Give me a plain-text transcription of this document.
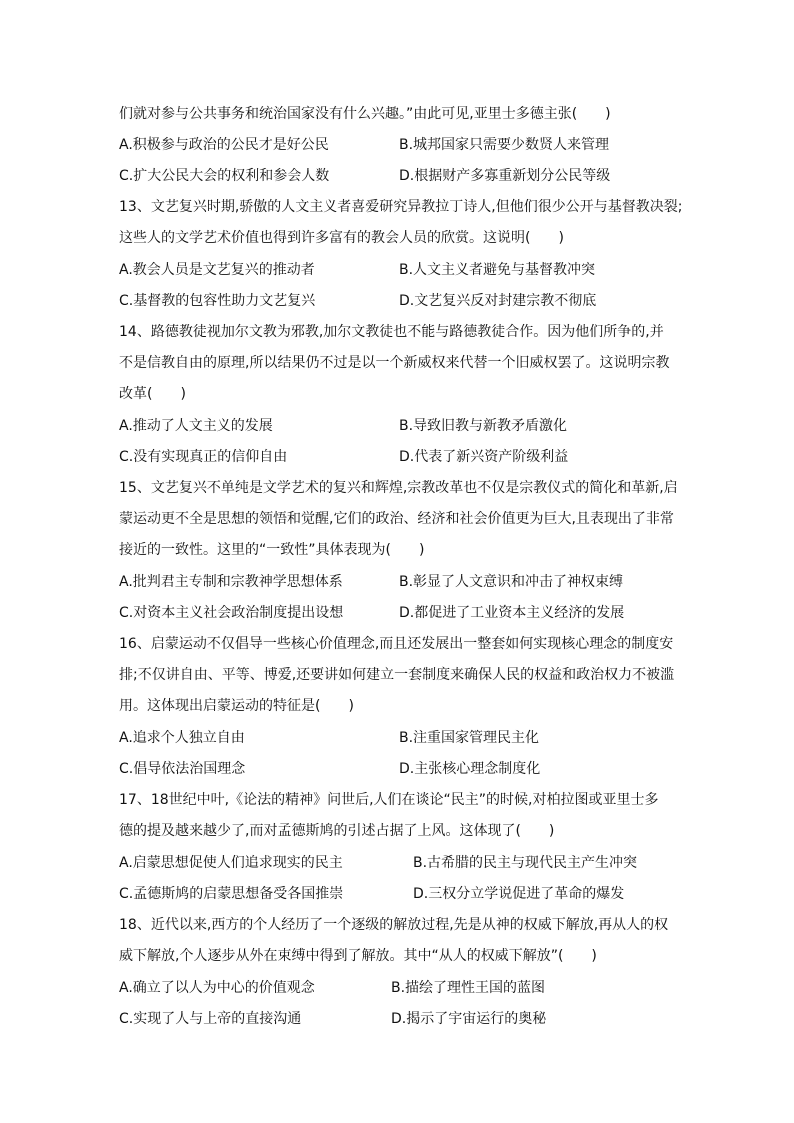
们就对参与公共事务和统治国家没有什么兴趣。”由此可见,亚里士多德主张(　　)
A.积极参与政治的公民才是好公民	B.城邦国家只需要少数贤人来管理
C.扩大公民大会的权利和参会人数	D.根据财产多寡重新划分公民等级
13、文艺复兴时期,骄傲的人文主义者喜爱研究异教拉丁诗人,但他们很少公开与基督教决裂;
这些人的文学艺术价值也得到许多富有的教会人员的欣赏。这说明(　　)
A.教会人员是文艺复兴的推动者	B.人文主义者避免与基督教冲突
C.基督教的包容性助力文艺复兴	D.文艺复兴反对封建宗教不彻底
14、路德教徒视加尔文教为邪教,加尔文教徒也不能与路德教徒合作。因为他们所争的,并
不是信教自由的原理,所以结果仍不过是以一个新威权来代替一个旧威权罢了。这说明宗教
改革(　　)
A.推动了人文主义的发展	B.导致旧教与新教矛盾激化
C.没有实现真正的信仰自由	D.代表了新兴资产阶级利益
15、文艺复兴不单纯是文学艺术的复兴和辉煌,宗教改革也不仅是宗教仪式的简化和革新,启
蒙运动更不全是思想的领悟和觉醒,它们的政治、经济和社会价值更为巨大,且表现出了非常
接近的一致性。这里的“一致性”具体表现为(　　)
A.批判君主专制和宗教神学思想体系	B.彰显了人文意识和冲击了神权束缚
C.对资本主义社会政治制度提出设想	D.都促进了工业资本主义经济的发展
16、启蒙运动不仅倡导一些核心价值理念,而且还发展出一整套如何实现核心理念的制度安
排;不仅讲自由、平等、博爱,还要讲如何建立一套制度来确保人民的权益和政治权力不被滥
用。这体现出启蒙运动的特征是(　　)
A.追求个人独立自由	B.注重国家管理民主化
C.倡导依法治国理念	D.主张核心理念制度化
17、18世纪中叶,《论法的精神》问世后,人们在谈论“民主”的时候,对柏拉图或亚里士多
德的提及越来越少了,而对孟德斯鸠的引述占据了上风。这体现了(　　)
A.启蒙思想促使人们追求现实的民主	B.古希腊的民主与现代民主产生冲突
C.孟德斯鸠的启蒙思想备受各国推崇	D.三权分立学说促进了革命的爆发
18、近代以来,西方的个人经历了一个逐级的解放过程,先是从神的权威下解放,再从人的权
威下解放,个人逐步从外在束缚中得到了解放。其中“从人的权威下解放”(　　)
A.确立了以人为中心的价值观念	B.描绘了理性王国的蓝图
C.实现了人与上帝的直接沟通	D.揭示了宇宙运行的奥秘
